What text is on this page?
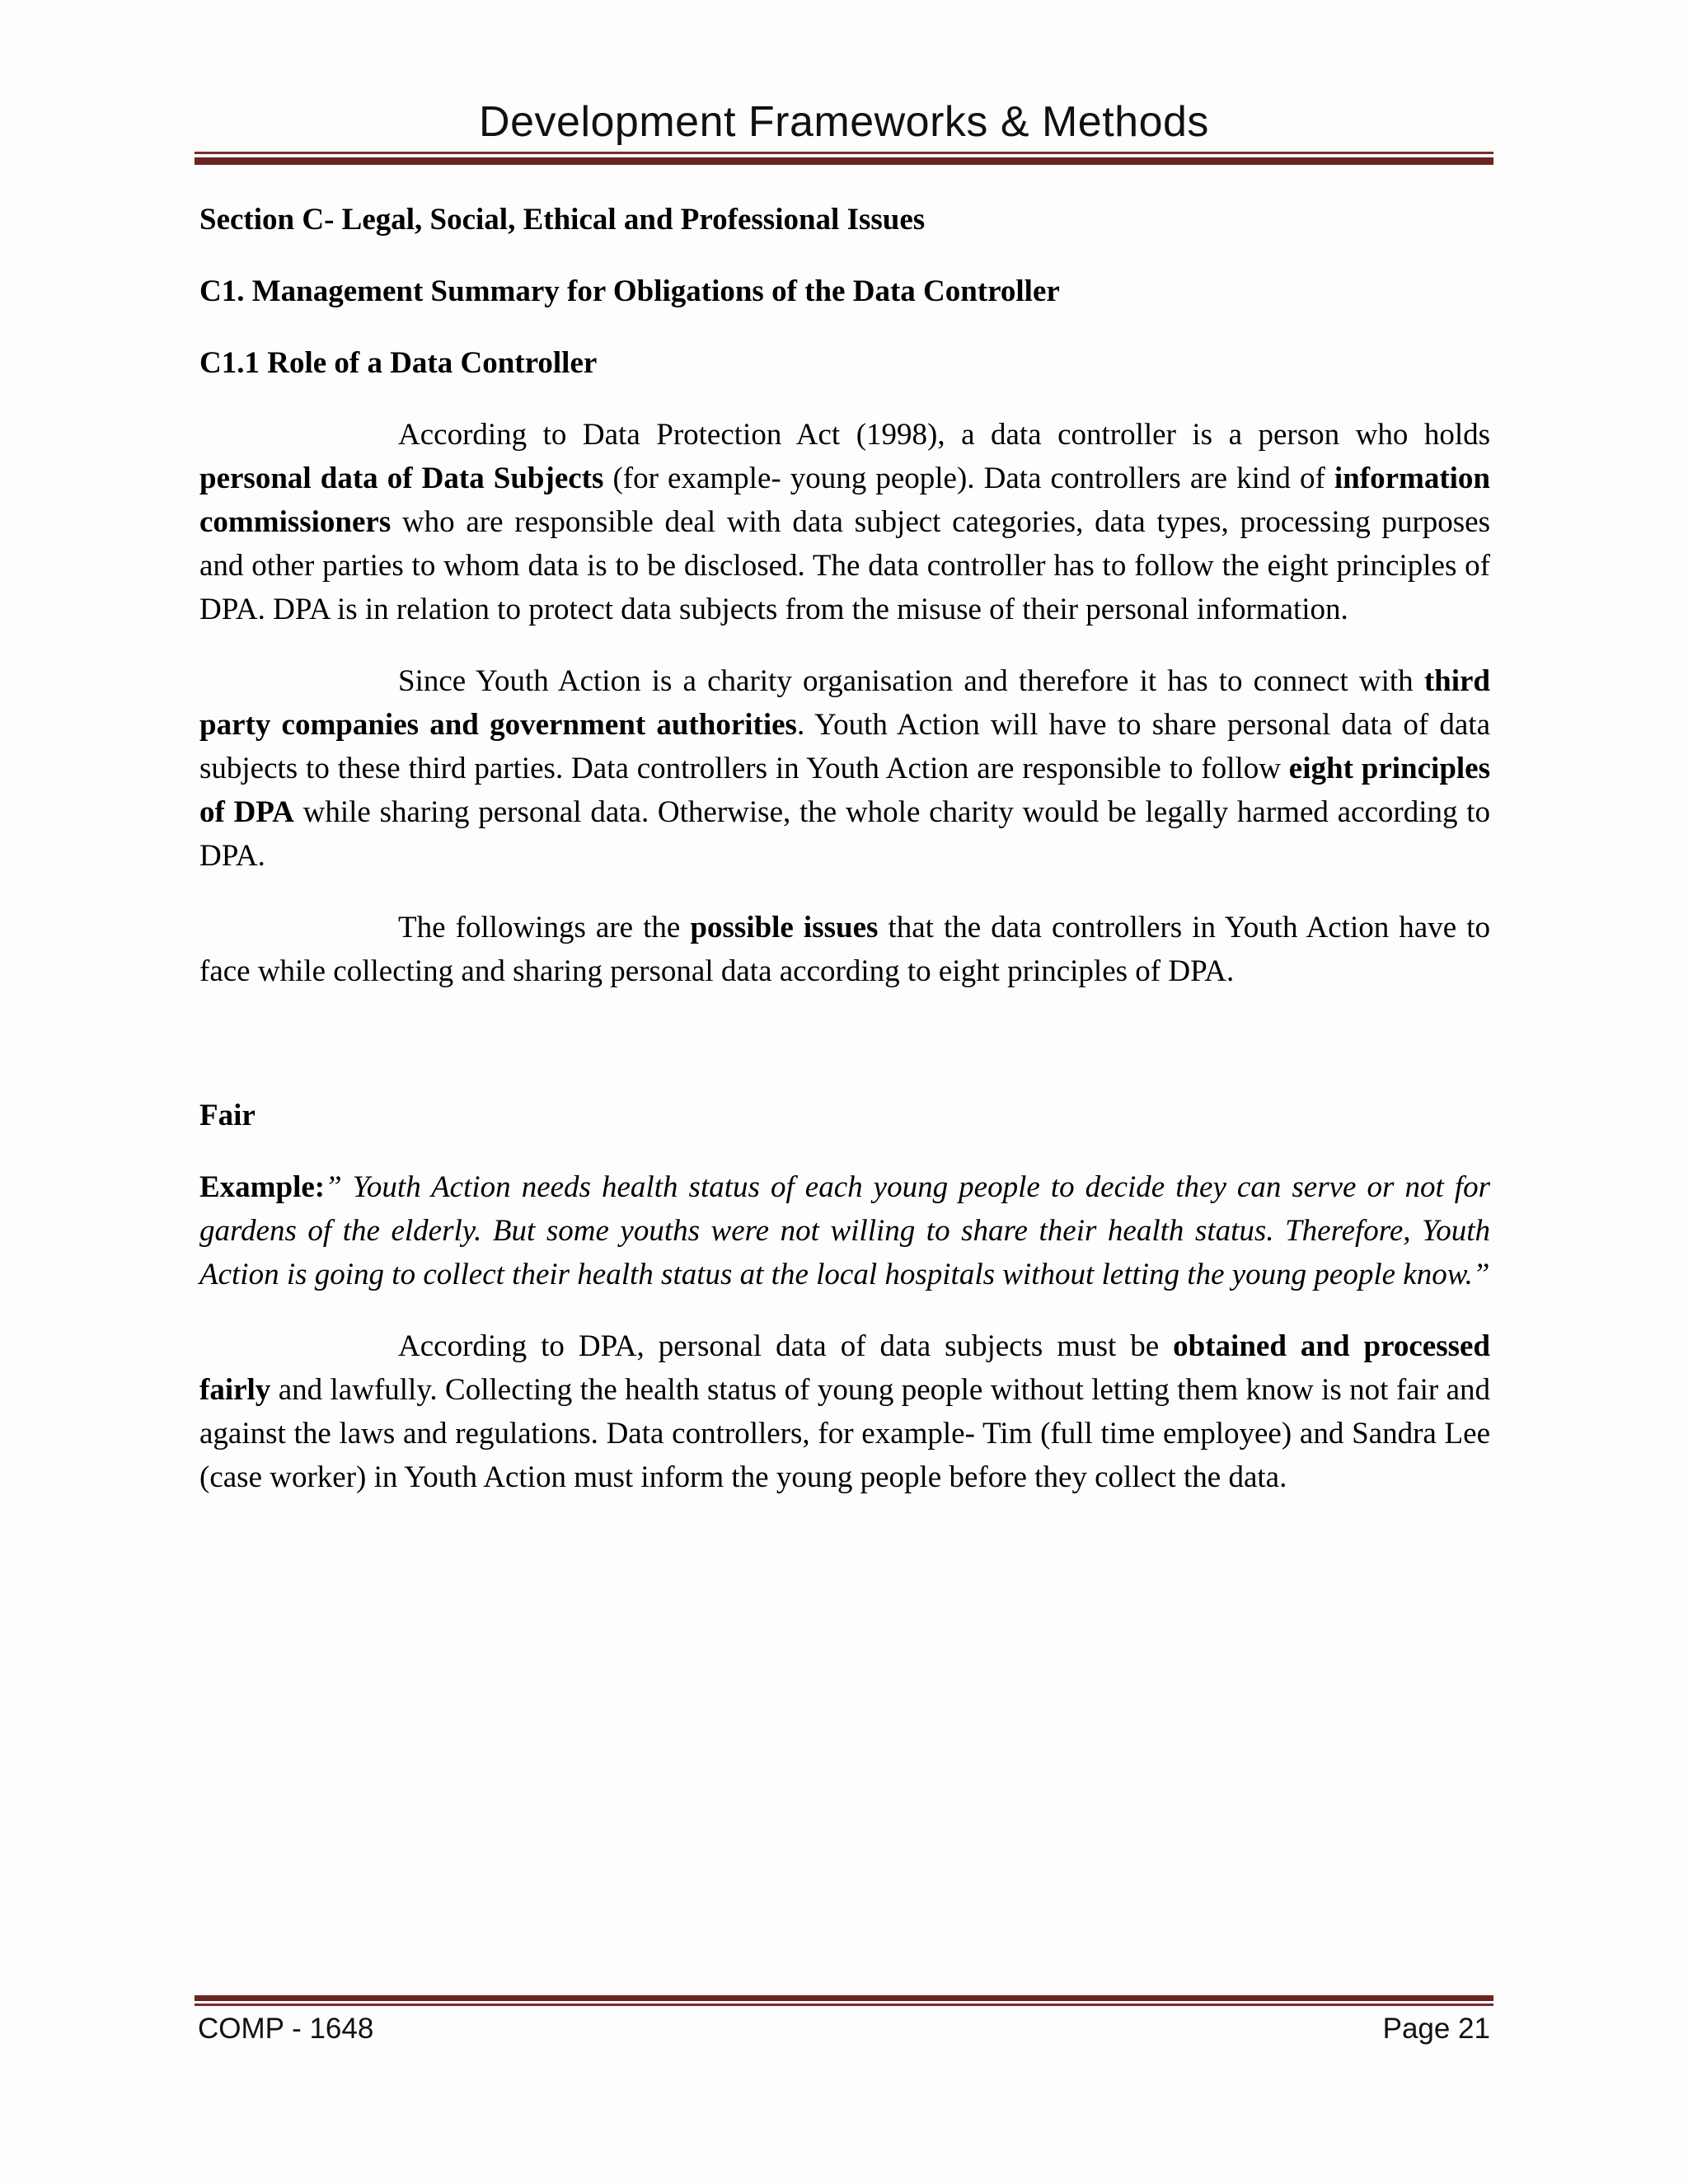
Development Frameworks & Methods
Section C- Legal, Social, Ethical and Professional Issues
C1. Management Summary for Obligations of the Data Controller
C1.1 Role of a Data Controller

According to Data Protection Act (1998), a data controller is a person who holds personal data of Data Subjects (for example- young people). Data controllers are kind of information commissioners who are responsible deal with data subject categories, data types, processing purposes and other parties to whom data is to be disclosed. The data controller has to follow the eight principles of DPA. DPA is in relation to protect data subjects from the misuse of their personal information.

Since Youth Action is a charity organisation and therefore it has to connect with third party companies and government authorities. Youth Action will have to share personal data of data subjects to these third parties. Data controllers in Youth Action are responsible to follow eight principles of DPA while sharing personal data. Otherwise, the whole charity would be legally harmed according to DPA.

The followings are the possible issues that the data controllers in Youth Action have to face while collecting and sharing personal data according to eight principles of DPA.

Fair

Example:” Youth Action needs health status of each young people to decide they can serve or not for gardens of the elderly. But some youths were not willing to share their health status. Therefore, Youth Action is going to collect their health status at the local hospitals without letting the young people know.”

According to DPA, personal data of data subjects must be obtained and processed fairly and lawfully. Collecting the health status of young people without letting them know is not fair and against the laws and regulations. Data controllers, for example- Tim (full time employee) and Sandra Lee (case worker) in Youth Action must inform the young people before they collect the data.

COMP - 1648	Page 21
